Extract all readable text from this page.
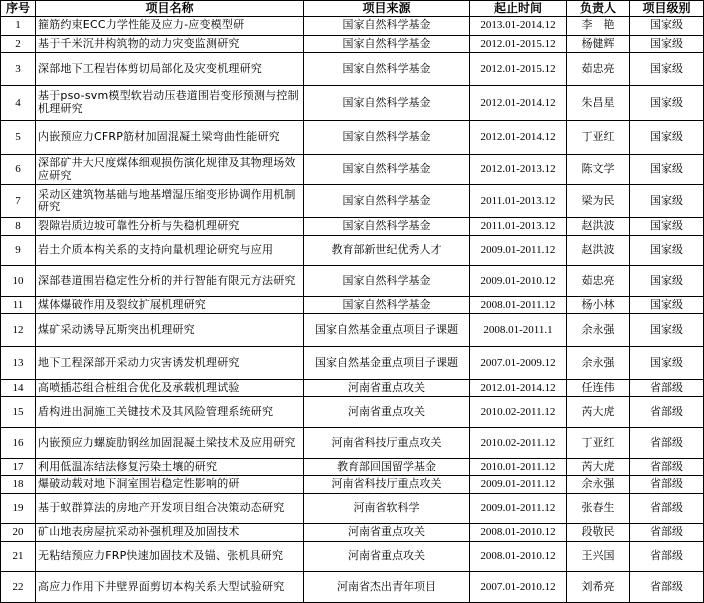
序号	项目名称	项目来源	起止时间	负责人	项目级别
1	箍筋约束ECC力学性能及应力-应变模型研	国家自然科学基金	2013.01-2014.12	李　艳	国家级
2	基于千米沉井构筑物的动力灾变监测研究	国家自然科学基金	2012.01-2015.12	杨健辉	国家级
3	深部地下工程岩体剪切局部化及灾变机理研究	国家自然科学基金	2012.01-2015.12	茹忠亮	国家级
4	基于pso-svm模型软岩动压巷道围岩变形预测与控制机理研究	国家自然科学基金	2012.01-2014.12	朱昌星	国家级
5	内嵌预应力CFRP筋材加固混凝土梁弯曲性能研究	国家自然科学基金	2012.01-2014.12	丁亚红	国家级
6	深部矿井大尺度煤体细观损伤演化规律及其物理场效应研究	国家自然科学基金	2012.01-2013.12	陈文学	国家级
7	采动区建筑物基础与地基增湿压缩变形协调作用机制研究	国家自然科学基金	2011.01-2013.12	梁为民	国家级
8	裂隙岩质边坡可靠性分析与失稳机理研究	国家自然科学基金	2011.01-2013.12	赵洪波	国家级
9	岩土介质本构关系的支持向量机理论研究与应用	教育部新世纪优秀人才	2009.01-2011.12	赵洪波	国家级
10	深部巷道围岩稳定性分析的并行智能有限元方法研究	国家自然科学基金	2009.01-2010.12	茹忠亮	国家级
11	煤体爆破作用及裂纹扩展机理研究	国家自然科学基金	2008.01-2011.12	杨小林	国家级
12	煤矿采动诱导瓦斯突出机理研究	国家自然基金重点项目子课题	2008.01-2011.1	余永强	国家级
13	地下工程深部开采动力灾害诱发机理研究	国家自然基金重点项目子课题	2007.01-2009.12	余永强	国家级
14	高喷插芯组合桩组合优化及承载机理试验	河南省重点攻关	2012.01-2014.12	任连伟	省部级
15	盾构进出洞施工关键技术及其风险管理系统研究	河南省重点攻关	2010.02-2011.12	芮大虎	省部级
16	内嵌预应力螺旋肋钢丝加固混凝土梁技术及应用研究	河南省科技厅重点攻关	2010.02-2011.12	丁亚红	省部级
17	利用低温冻结法修复污染土壤的研究	教育部回国留学基金	2010.01-2011.12	芮大虎	省部级
18	爆破动载对地下洞室围岩稳定性影响的研	河南省科技厅重点攻关	2009.01-2011.12	余永强	省部级
19	基于蚁群算法的房地产开发项目组合决策动态研究	河南省软科学	2009.01-2011.12	张春生	省部级
20	矿山地表房屋抗采动补强机理及加固技术	河南省重点攻关	2008.01-2010.12	段敬民	省部级
21	无粘结预应力FRP快速加固技术及锚、张机具研究	河南省重点攻关	2008.01-2010.12	王兴国	省部级
22	高应力作用下井壁界面剪切本构关系大型试验研究	河南省杰出青年项目	2007.01-2010.12	刘希亮	省部级
